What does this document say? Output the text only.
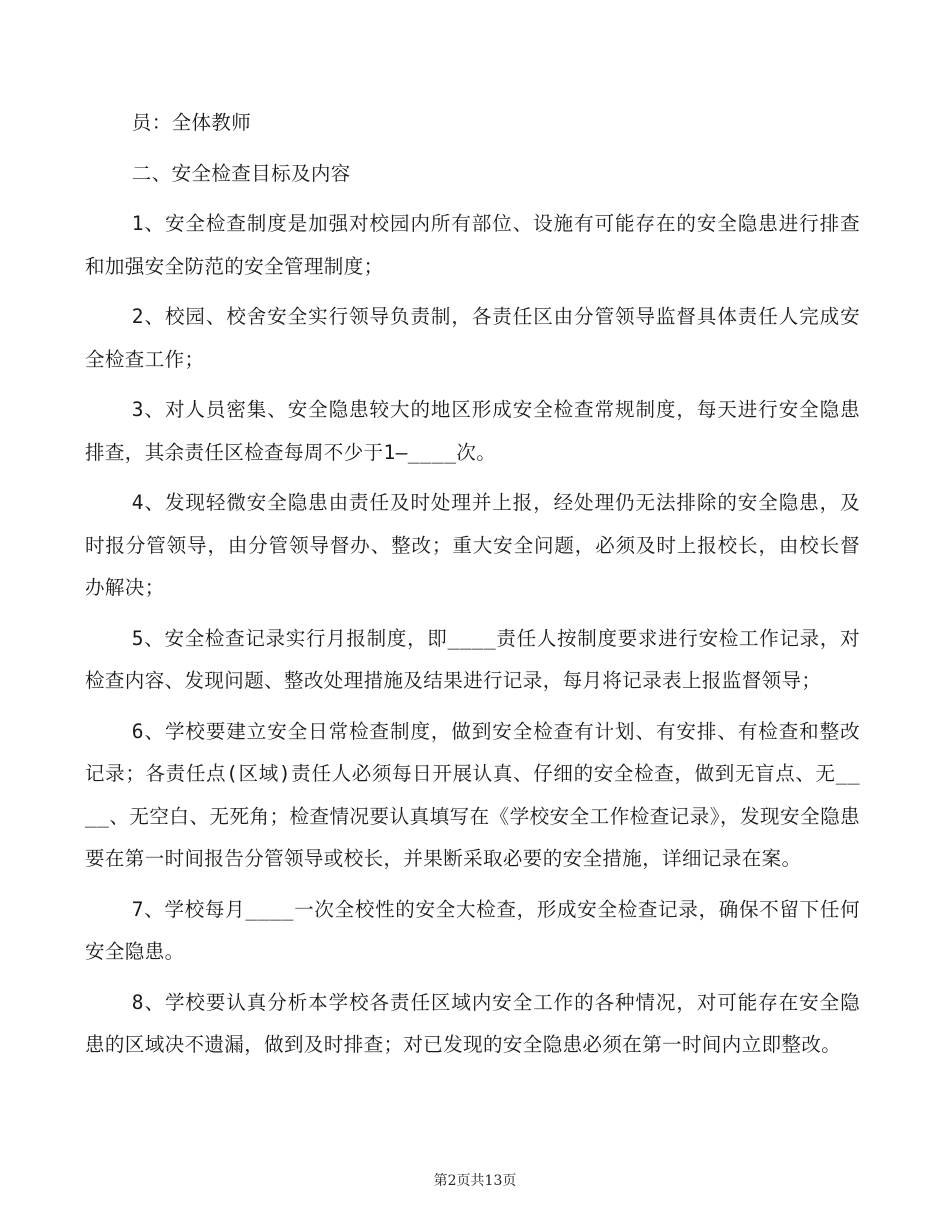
员：全体教师

二、安全检查目标及内容

1、安全检查制度是加强对校园内所有部位、设施有可能存在的安全隐患进行排查和加强安全防范的安全管理制度；

2、校园、校舍安全实行领导负责制，各责任区由分管领导监督具体责任人完成安全检查工作；

3、对人员密集、安全隐患较大的地区形成安全检查常规制度，每天进行安全隐患排查，其余责任区检查每周不少于1—____次。

4、发现轻微安全隐患由责任及时处理并上报，经处理仍无法排除的安全隐患，及时报分管领导，由分管领导督办、整改；重大安全问题，必须及时上报校长，由校长督办解决；

5、安全检查记录实行月报制度，即____责任人按制度要求进行安检工作记录，对检查内容、发现问题、整改处理措施及结果进行记录，每月将记录表上报监督领导；

6、学校要建立安全日常检查制度，做到安全检查有计划、有安排、有检查和整改记录；各责任点(区域)责任人必须每日开展认真、仔细的安全检查，做到无盲点、无____、无空白、无死角；检查情况要认真填写在《学校安全工作检查记录》，发现安全隐患要在第一时间报告分管领导或校长，并果断采取必要的安全措施，详细记录在案。

7、学校每月____一次全校性的安全大检查，形成安全检查记录，确保不留下任何安全隐患。

8、学校要认真分析本学校各责任区域内安全工作的各种情况，对可能存在安全隐患的区域决不遗漏，做到及时排查；对已发现的安全隐患必须在第一时间内立即整改。

第2页共13页
